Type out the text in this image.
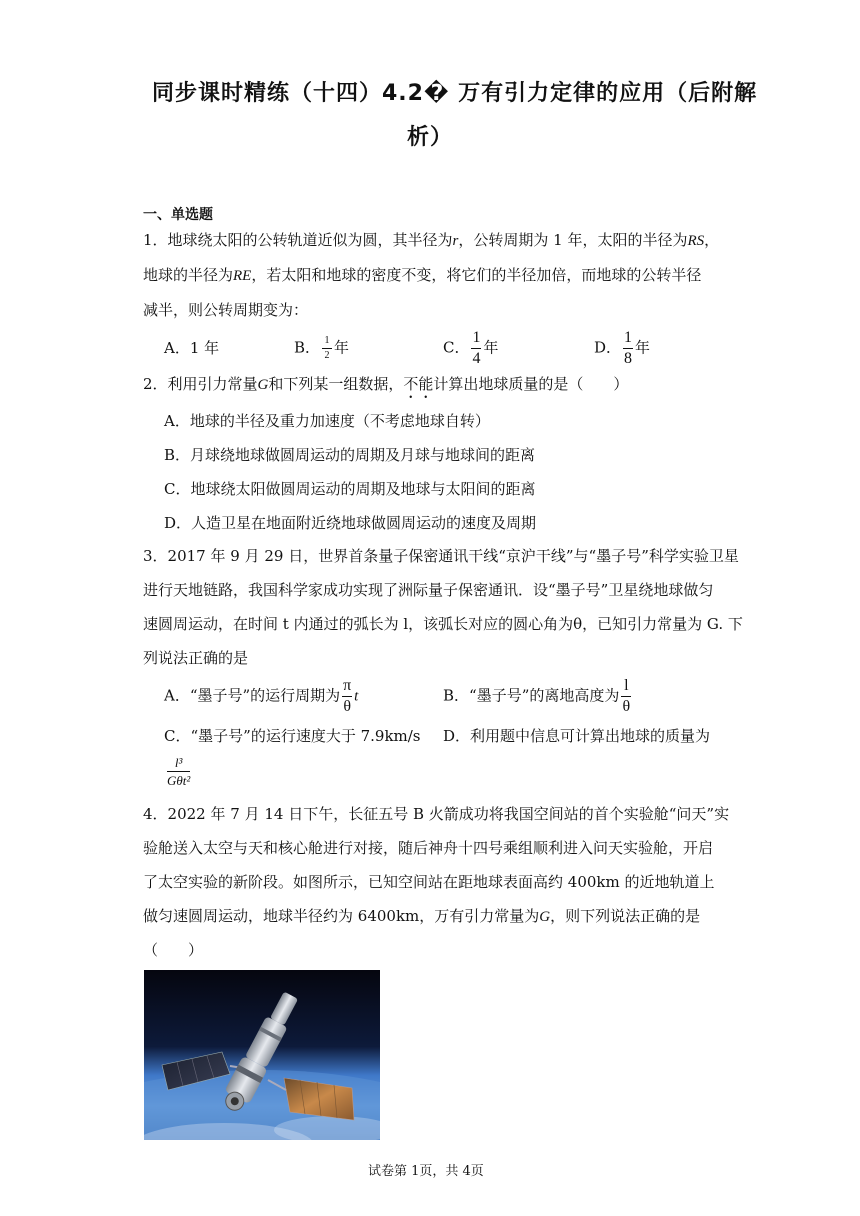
同步课时精练（十四）4.2� 万有引力定律的应用（后附解
析）
一、单选题
1．地球绕太阳的公转轨道近似为圆，其半径为r，公转周期为 1 年，太阳的半径为RS，
地球的半径为RE，若太阳和地球的密度不变，将它们的半径加倍，而地球的公转半径
减半，则公转周期变为：
A．1 年	B． $\frac{1}{2}$ 年	C． $\frac{1}{4}$ 年	D． $\frac{1}{8}$ 年
2．利用引力常量G和下列某一组数据，不能计算出地球质量的是（　　）
A．地球的半径及重力加速度（不考虑地球自转）
B．月球绕地球做圆周运动的周期及月球与地球间的距离
C．地球绕太阳做圆周运动的周期及地球与太阳间的距离
D．人造卫星在地面附近绕地球做圆周运动的速度及周期
3．2017 年 9 月 29 日，世界首条量子保密通讯干线“京沪干线”与“墨子号”科学实验卫星
进行天地链路，我国科学家成功实现了洲际量子保密通讯．设“墨子号”卫星绕地球做匀
速圆周运动，在时间 t 内通过的弧长为 l，该弧长对应的圆心角为θ，已知引力常量为 G. 下
列说法正确的是
A．“墨子号”的运行周期为 $\frac{\pi}{\theta}$ t	B．“墨子号”的离地高度为 $\frac{l}{\theta}$
C．“墨子号”的运行速度大于 7.9km/s D．利用题中信息可计算出地球的质量为
$\frac{\text{l³}}{\text{Gθt²}}$
4．2022 年 7 月 14 日下午，长征五号 B 火箭成功将我国空间站的首个实验舱“问天”实
验舱送入太空与天和核心舱进行对接，随后神舟十四号乘组顺利进入问天实验舱，开启
了太空实验的新阶段。如图所示，已知空间站在距地球表面高约 400km 的近地轨道上
做匀速圆周运动，地球半径约为 6400km，万有引力常量为G，则下列说法正确的是
（　　）
试卷第 1页，共 4页
